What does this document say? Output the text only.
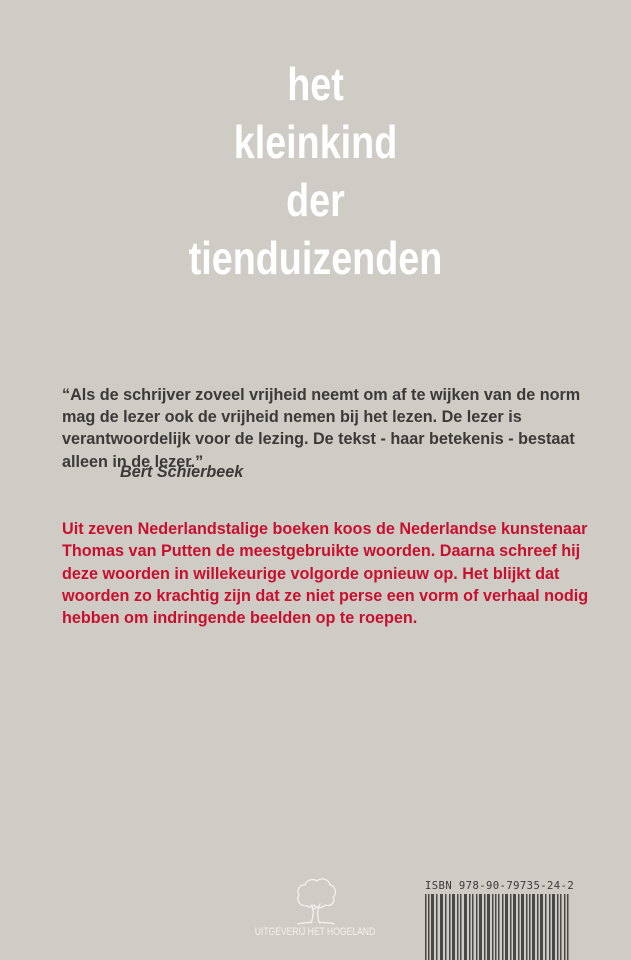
het
kleinkind
der
tienduizenden

“Als de schrijver zoveel vrijheid neemt om af te wijken van de norm mag de lezer ook de vrijheid nemen bij het lezen. De lezer is verantwoordelijk voor de lezing. De tekst - haar betekenis - bestaat alleen in de lezer.”

Bert Schierbeek

Uit zeven Nederlandstalige boeken koos de Nederlandse kunstenaar Thomas van Putten de meestgebruikte woorden. Daarna schreef hij deze woorden in willekeurige volgorde opnieuw op. Het blijkt dat woorden zo krachtig zijn dat ze niet perse een vorm of verhaal nodig hebben om indringende beelden op te roepen.

UITGEVERIJ HET HOGELAND
ISBN 978-90-79735-24-2
